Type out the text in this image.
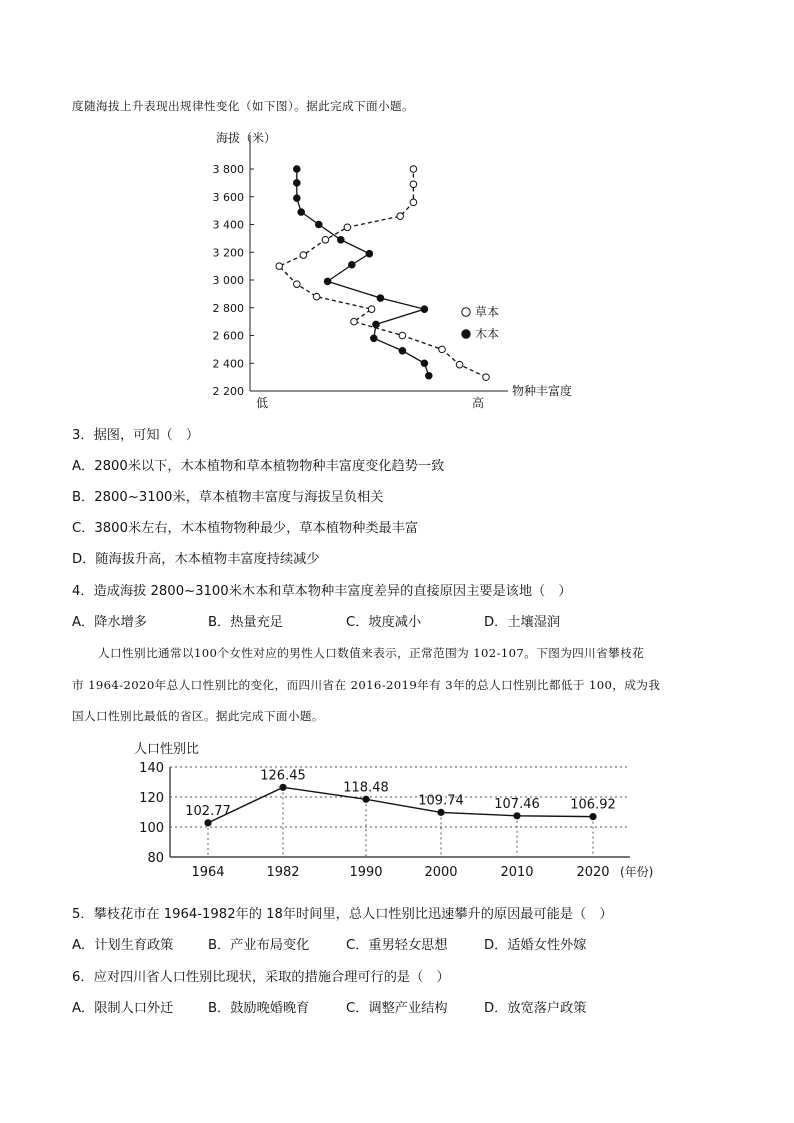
度随海拔上升表现出规律性变化（如下图）。据此完成下面小题。
海拔（米）
物种丰富度
低	高
3 800
3 600
3 400
3 200
3 000
2 800
2 600
2 400
2 200
草本
木本
3．据图，可知（　）
A．2800米以下，木本植物和草本植物物种丰富度变化趋势一致
B．2800~3100米，草本植物丰富度与海拔呈负相关
C．3800米左右，木本植物物种最少，草本植物种类最丰富
D．随海拔升高，木本植物丰富度持续减少
4．造成海拔 2800~3100米木本和草本物种丰富度差异的直接原因主要是该地（　）
A．降水增多	B．热量充足	C．坡度减小	D．土壤湿润
人口性别比通常以100个女性对应的男性人口数值来表示，正常范围为 102-107。下图为四川省攀枝花
市 1964-2020年总人口性别比的变化，而四川省在 2016-2019年有 3年的总人口性别比都低于 100，成为我
国人口性别比最低的省区。据此完成下面小题。
人口性别比
140
120
100
80
1964	1982	1990	2000	2010	2020 (年份)
102.77
126.45
118.48
109.74 107.46 106.92
5．攀枝花市在 1964-1982年的 18年时间里，总人口性别比迅速攀升的原因最可能是（　）
A．计划生育政策	B．产业布局变化	C．重男轻女思想	D．适婚女性外嫁
6．应对四川省人口性别比现状，采取的措施合理可行的是（　）
A．限制人口外迁	B．鼓励晚婚晚育	C．调整产业结构	D．放宽落户政策
